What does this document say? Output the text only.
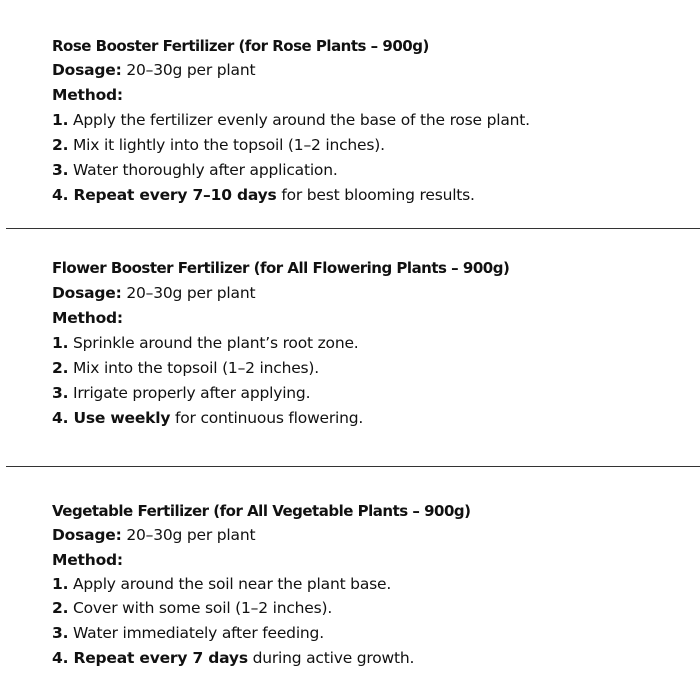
Rose Booster Fertilizer (for Rose Plants – 900g)
Dosage: 20–30g per plant
Method:
1. Apply the fertilizer evenly around the base of the rose plant.
2. Mix it lightly into the topsoil (1–2 inches).
3. Water thoroughly after application.
4. Repeat every 7–10 days for best blooming results.
Flower Booster Fertilizer (for All Flowering Plants – 900g)
Dosage: 20–30g per plant
Method:
1. Sprinkle around the plant’s root zone.
2. Mix into the topsoil (1–2 inches).
3. Irrigate properly after applying.
4. Use weekly for continuous flowering.
Vegetable Fertilizer (for All Vegetable Plants – 900g)
Dosage: 20–30g per plant
Method:
1. Apply around the soil near the plant base.
2. Cover with some soil (1–2 inches).
3. Water immediately after feeding.
4. Repeat every 7 days during active growth.
